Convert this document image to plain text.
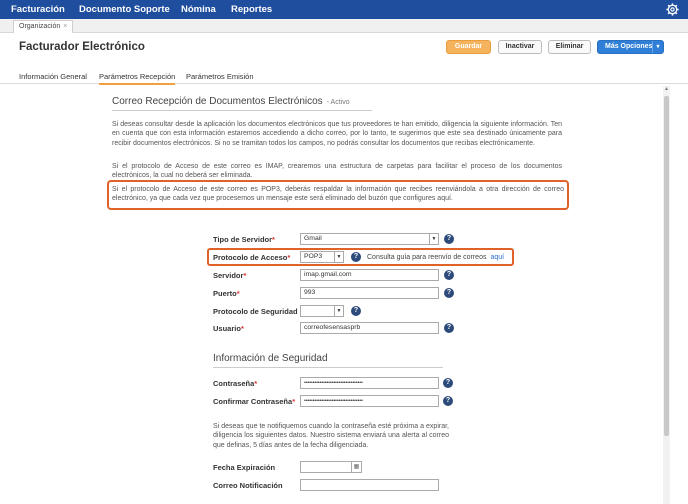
Facturación Documento Soporte Nómina Reportes
Organización ×
Facturador Electrónico	Guardar	Inactivar	Eliminar	Más Opciones ▾
Información General Parámetros Recepción Parámetros Emisión
▲
Correo Recepción de Documentos Electrónicos - Activo
Si deseas consultar desde la aplicación los documentos electrónicos que tus proveedores te han emitido, diligencia la siguiente información. Ten en cuenta que con esta información estaremos accediendo a dicho correo, por lo tanto, te sugerimos que este sea destinado únicamente para recibir documentos electrónicos. Si no se tramitan todos los campos, no podrás consultar los documentos que recibas electrónicamente.
Si el protocolo de Acceso de este correo es IMAP, crearemos una estructura de carpetas para facilitar el proceso de los documentos electrónicos, la cual no deberá ser eliminada.
Si el protocolo de Acceso de este correo es POP3, deberás respaldar la información que recibes reenviándola a otra dirección de correo electrónico, ya que cada vez que procesemos un mensaje este será eliminado del buzón que configures aquí.
Tipo de Servidor*	Gmail	▼	?
Protocolo de Acceso*	POP3	▼	?	Consulta guía para reenvío de correos aquí
Servidor*	imap.gmail.com	?
Puerto*	993	?
Protocolo de Seguridad	▼	?
Usuario*	correofesensasprb	?
Información de Seguridad
Contraseña*	••••••••••••••••••••••••••••••••••	?
Confirmar Contraseña*	••••••••••••••••••••••••••••••••••	?
Si deseas que te notifiquemos cuando la contraseña esté próxima a expirar, diligencia los siguientes datos. Nuestro sistema enviará una alerta al correo que definas, 5 días antes de la fecha diligenciada.
Fecha Expiración	▦
Correo Notificación
